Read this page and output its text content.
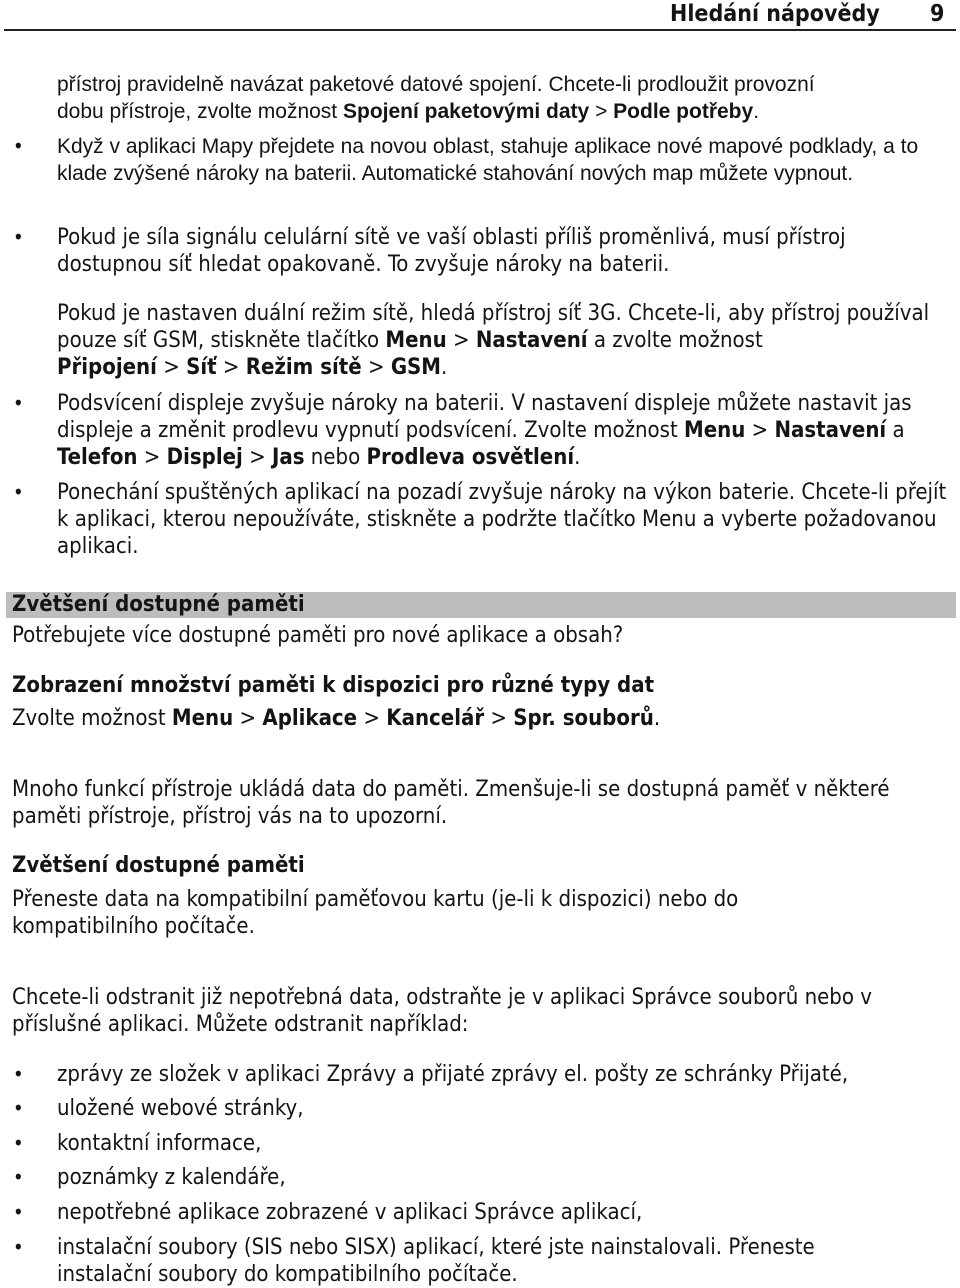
Hledání nápovědy 9
přístroj pravidelně navázat paketové datové spojení. Chcete-li prodloužit provozní
dobu přístroje, zvolte možnost Spojení paketovými daty > Podle potřeby.
• Když v aplikaci Mapy přejdete na novou oblast, stahuje aplikace nové mapové podklady, a to klade zvýšené nároky na baterii. Automatické stahování nových map můžete vypnout.
• Pokud je síla signálu celulární sítě ve vaší oblasti příliš proměnlivá, musí přístroj dostupnou síť hledat opakovaně. To zvyšuje nároky na baterii.
Pokud je nastaven duální režim sítě, hledá přístroj síť 3G. Chcete-li, aby přístroj používal pouze síť GSM, stiskněte tlačítko Menu > Nastavení a zvolte možnost
Připojení > Síť > Režim sítě > GSM.
• Podsvícení displeje zvyšuje nároky na baterii. V nastavení displeje můžete nastavit jas displeje a změnit prodlevu vypnutí podsvícení. Zvolte možnost Menu > Nastavení a Telefon > Displej > Jas nebo Prodleva osvětlení.
• Ponechání spuštěných aplikací na pozadí zvyšuje nároky na výkon baterie. Chcete-li přejít k aplikaci, kterou nepoužíváte, stiskněte a podržte tlačítko Menu a vyberte požadovanou aplikaci.
Zvětšení dostupné paměti
Potřebujete více dostupné paměti pro nové aplikace a obsah?
Zobrazení množství paměti k dispozici pro různé typy dat
Zvolte možnost Menu > Aplikace > Kancelář > Spr. souborů.
Mnoho funkcí přístroje ukládá data do paměti. Zmenšuje-li se dostupná paměť v některé paměti přístroje, přístroj vás na to upozorní.
Zvětšení dostupné paměti
Přeneste data na kompatibilní paměťovou kartu (je-li k dispozici) nebo do kompatibilního počítače.
Chcete-li odstranit již nepotřebná data, odstraňte je v aplikaci Správce souborů nebo v příslušné aplikaci. Můžete odstranit například:
• zprávy ze složek v aplikaci Zprávy a přijaté zprávy el. pošty ze schránky Přijaté,
• uložené webové stránky,
• kontaktní informace,
• poznámky z kalendáře,
• nepotřebné aplikace zobrazené v aplikaci Správce aplikací,
• instalační soubory (SIS nebo SISX) aplikací, které jste nainstalovali. Přeneste instalační soubory do kompatibilního počítače.
